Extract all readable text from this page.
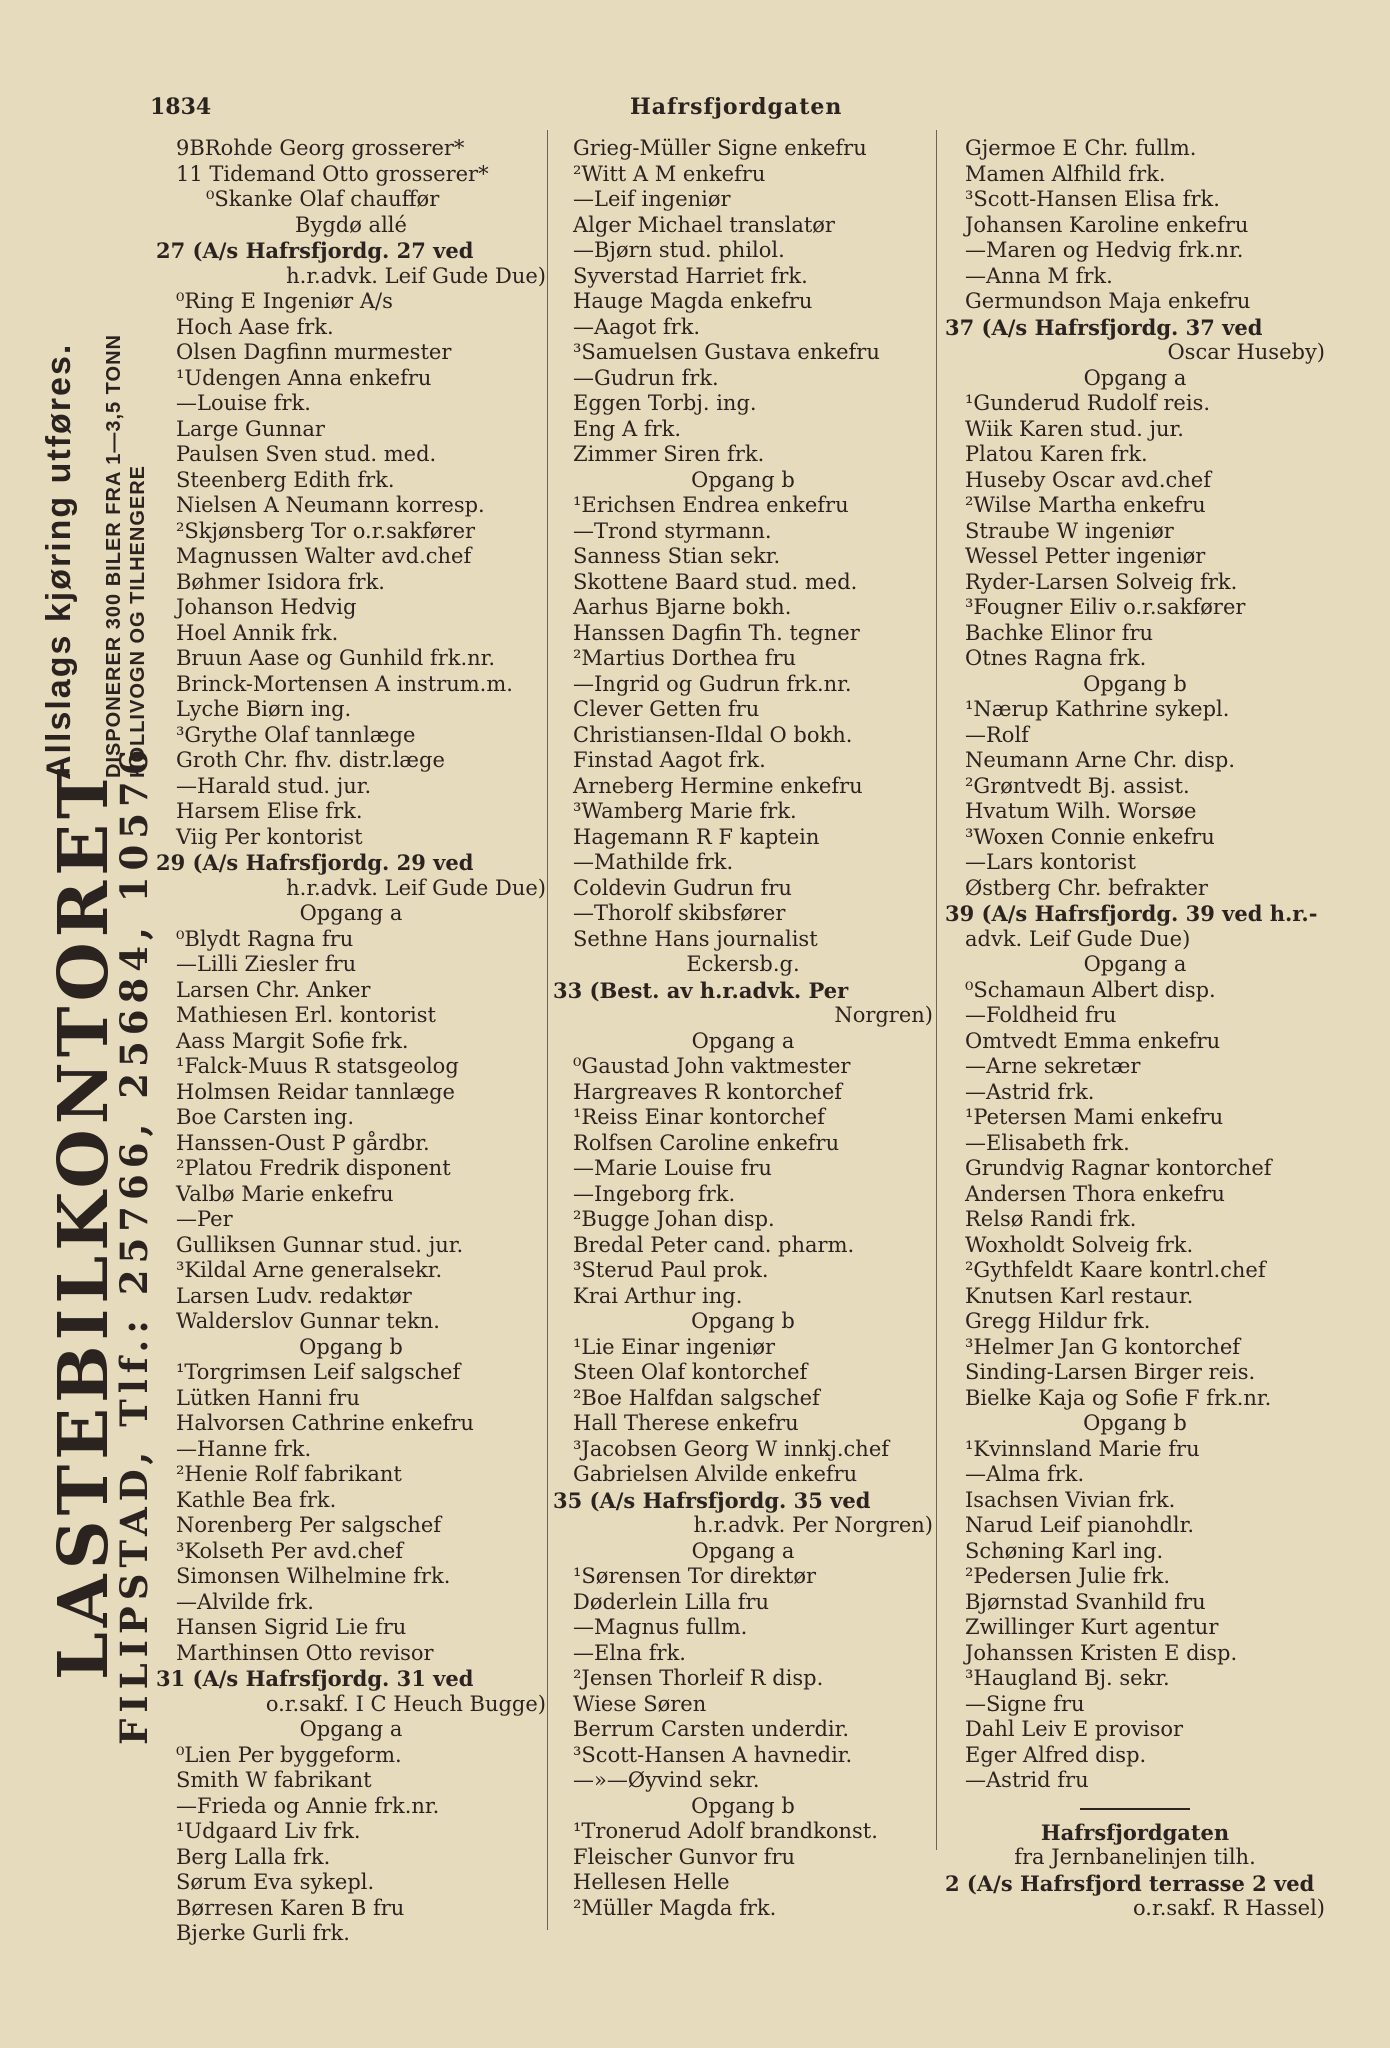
1834	Hafrsfjordgaten
LASTEBILKONTORET
FILIPSTAD, Tlf.: 25766, 25684, 10576
Allslags kjøring utføres. DISPONERER 300 BILER FRA 1—3,5 TONN KOLLIVOGN OG TILHENGERE
9BRohde Georg grosserer*
11 Tidemand Otto grosserer*
⁰Skanke Olaf chauffør
Bygdø allé
27 (A/s Hafrsfjordg. 27 ved
h.r.advk. Leif Gude Due)
⁰Ring E Ingeniør A/s
Hoch Aase frk.
Olsen Dagfinn murmester
¹Udengen Anna enkefru
—Louise frk.
Large Gunnar
Paulsen Sven stud. med.
Steenberg Edith frk.
Nielsen A Neumann korresp.
²Skjønsberg Tor o.r.sakfører
Magnussen Walter avd.chef
Bøhmer Isidora frk.
Johanson Hedvig
Hoel Annik frk.
Bruun Aase og Gunhild frk.nr.
Brinck-Mortensen A instrum.m.
Lyche Biørn ing.
³Grythe Olaf tannlæge
Groth Chr. fhv. distr.læge
—Harald stud. jur.
Harsem Elise frk.
Viig Per kontorist
29 (A/s Hafrsfjordg. 29 ved
h.r.advk. Leif Gude Due)
Opgang a
⁰Blydt Ragna fru
—Lilli Ziesler fru
Larsen Chr. Anker
Mathiesen Erl. kontorist
Aass Margit Sofie frk.
¹Falck-Muus R statsgeolog
Holmsen Reidar tannlæge
Boe Carsten ing.
Hanssen-Oust P gårdbr.
²Platou Fredrik disponent
Valbø Marie enkefru
—Per
Gulliksen Gunnar stud. jur.
³Kildal Arne generalsekr.
Larsen Ludv. redaktør
Walderslov Gunnar tekn.
Opgang b
¹Torgrimsen Leif salgschef
Lütken Hanni fru
Halvorsen Cathrine enkefru
—Hanne frk.
²Henie Rolf fabrikant
Kathle Bea frk.
Norenberg Per salgschef
³Kolseth Per avd.chef
Simonsen Wilhelmine frk.
—Alvilde frk.
Hansen Sigrid Lie fru
Marthinsen Otto revisor
31 (A/s Hafrsfjordg. 31 ved
o.r.sakf. I C Heuch Bugge)
Opgang a
⁰Lien Per byggeform.
Smith W fabrikant
—Frieda og Annie frk.nr.
¹Udgaard Liv frk.
Berg Lalla frk.
Sørum Eva sykepl.
Børresen Karen B fru
Bjerke Gurli frk.
Grieg-Müller Signe enkefru
²Witt A M enkefru
—Leif ingeniør
Alger Michael translatør
—Bjørn stud. philol.
Syverstad Harriet frk.
Hauge Magda enkefru
—Aagot frk.
³Samuelsen Gustava enkefru
—Gudrun frk.
Eggen Torbj. ing.
Eng A frk.
Zimmer Siren frk.
Opgang b
¹Erichsen Endrea enkefru
—Trond styrmann.
Sanness Stian sekr.
Skottene Baard stud. med.
Aarhus Bjarne bokh.
Hanssen Dagfin Th. tegner
²Martius Dorthea fru
—Ingrid og Gudrun frk.nr.
Clever Getten fru
Christiansen-Ildal O bokh.
Finstad Aagot frk.
Arneberg Hermine enkefru
³Wamberg Marie frk.
Hagemann R F kaptein
—Mathilde frk.
Coldevin Gudrun fru
—Thorolf skibsfører
Sethne Hans journalist
Eckersb.g.
33 (Best. av h.r.advk. Per
Norgren)
Opgang a
⁰Gaustad John vaktmester
Hargreaves R kontorchef
¹Reiss Einar kontorchef
Rolfsen Caroline enkefru
—Marie Louise fru
—Ingeborg frk.
²Bugge Johan disp.
Bredal Peter cand. pharm.
³Sterud Paul prok.
Krai Arthur ing.
Opgang b
¹Lie Einar ingeniør
Steen Olaf kontorchef
²Boe Halfdan salgschef
Hall Therese enkefru
³Jacobsen Georg W innkj.chef
Gabrielsen Alvilde enkefru
35 (A/s Hafrsfjordg. 35 ved
h.r.advk. Per Norgren)
Opgang a
¹Sørensen Tor direktør
Døderlein Lilla fru
—Magnus fullm.
—Elna frk.
²Jensen Thorleif R disp.
Wiese Søren
Berrum Carsten underdir.
³Scott-Hansen A havnedir.
—»—Øyvind sekr.
Opgang b
¹Tronerud Adolf brandkonst.
Fleischer Gunvor fru
Hellesen Helle
²Müller Magda frk.
Gjermoe E Chr. fullm.
Mamen Alfhild frk.
³Scott-Hansen Elisa frk.
Johansen Karoline enkefru
—Maren og Hedvig frk.nr.
—Anna M frk.
Germundson Maja enkefru
37 (A/s Hafrsfjordg. 37 ved
Oscar Huseby)
Opgang a
¹Gunderud Rudolf reis.
Wiik Karen stud. jur.
Platou Karen frk.
Huseby Oscar avd.chef
²Wilse Martha enkefru
Straube W ingeniør
Wessel Petter ingeniør
Ryder-Larsen Solveig frk.
³Fougner Eiliv o.r.sakfører
Bachke Elinor fru
Otnes Ragna frk.
Opgang b
¹Nærup Kathrine sykepl.
—Rolf
Neumann Arne Chr. disp.
²Grøntvedt Bj. assist.
Hvatum Wilh. Worsøe
³Woxen Connie enkefru
—Lars kontorist
Østberg Chr. befrakter
39 (A/s Hafrsfjordg. 39 ved h.r.-
advk. Leif Gude Due)
Opgang a
⁰Schamaun Albert disp.
—Foldheid fru
Omtvedt Emma enkefru
—Arne sekretær
—Astrid frk.
¹Petersen Mami enkefru
—Elisabeth frk.
Grundvig Ragnar kontorchef
Andersen Thora enkefru
Relsø Randi frk.
Woxholdt Solveig frk.
²Gythfeldt Kaare kontrl.chef
Knutsen Karl restaur.
Gregg Hildur frk.
³Helmer Jan G kontorchef
Sinding-Larsen Birger reis.
Bielke Kaja og Sofie F frk.nr.
Opgang b
¹Kvinnsland Marie fru
—Alma frk.
Isachsen Vivian frk.
Narud Leif pianohdlr.
Schøning Karl ing.
²Pedersen Julie frk.
Bjørnstad Svanhild fru
Zwillinger Kurt agentur
Johanssen Kristen E disp.
³Haugland Bj. sekr.
—Signe fru
Dahl Leiv E provisor
Eger Alfred disp.
—Astrid fru
Hafrsfjordgaten
fra Jernbanelinjen tilh.
2 (A/s Hafrsfjord terrasse 2 ved
o.r.sakf. R Hassel)
